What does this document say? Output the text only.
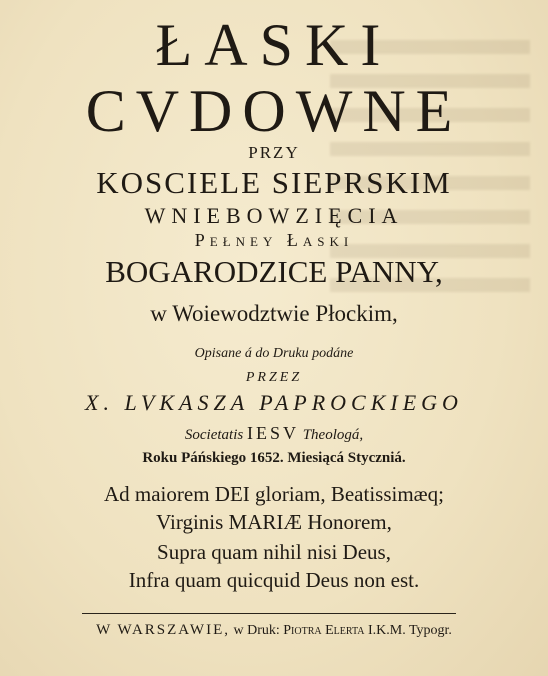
ŁASKI
CVDOWNE
PRZY
KOSCIELE SIEPRSKIM
WNIEBOWZIĘCIA
Pełney Łaski
BOGARODZICE PANNY,
w Woiewodztwie Płockim,
Opisane á do Druku podáne
PRZEZ
X. LVKASZA PAPROCKIEGO
Societatis IESV Theologá,
Roku Páńskiego 1652. Miesiącá Styczniá.
Ad maiorem DEI gloriam, Beatissimæq;
Virginis MARIÆ Honorem,
Supra quam nihil nisi Deus,
Infra quam quicquid Deus non est.
W WARSZAWIE, w Druk: Piotra Elerta I.K.M. Typogr.
